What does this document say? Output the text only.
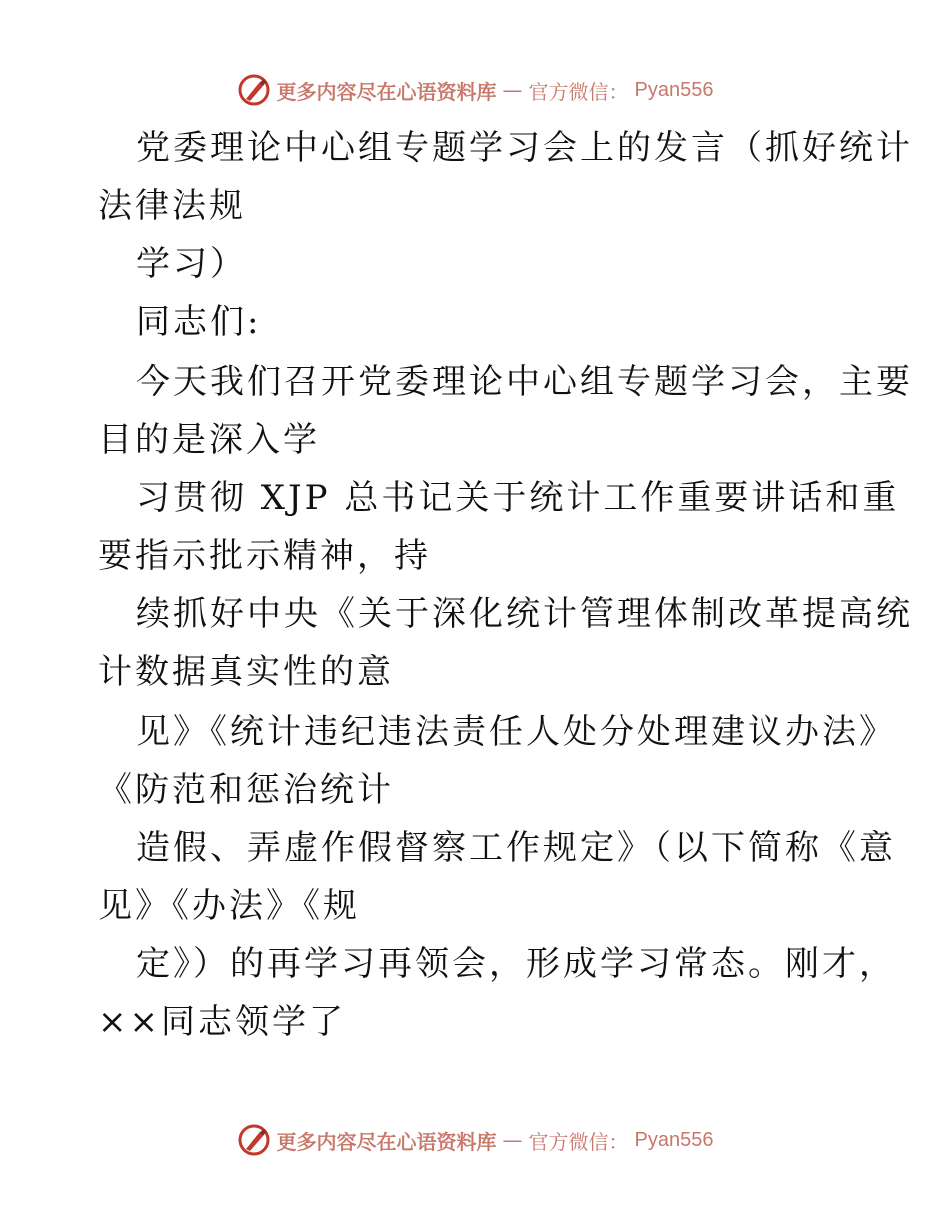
更多内容尽在心语资料库 — 官方微信： Pyan556
党委理论中心组专题学习会上的发言（抓好统计
法律法规
学习）
同志们:
今天我们召开党委理论中心组专题学习会，主要
目的是深入学
习贯彻 XJP 总书记关于统计工作重要讲话和重
要指示批示精神，持
续抓好中央《关于深化统计管理体制改革提高统
计数据真实性的意
见》《统计违纪违法责任人处分处理建议办法》
《防范和惩治统计
造假、弄虚作假督察工作规定》（以下简称《意
见》《办法》《规
定》）的再学习再领会，形成学习常态。刚才，
××同志领学了
更多内容尽在心语资料库 — 官方微信： Pyan556
